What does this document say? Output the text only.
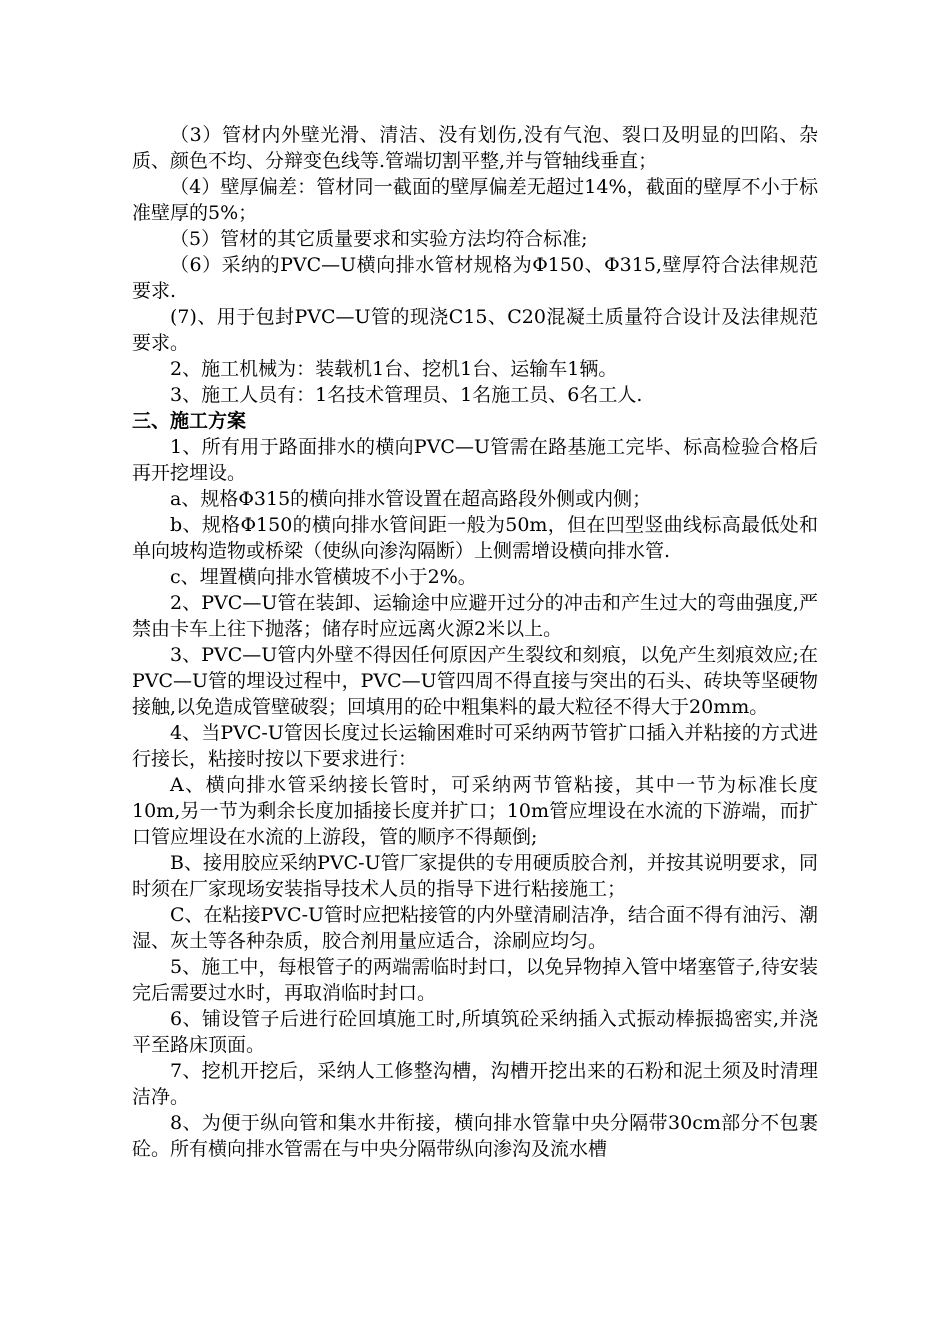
（3）管材内外壁光滑、清洁、没有划伤,没有气泡、裂口及明显的凹陷、杂质、颜色不均、分辩变色线等.管端切割平整,并与管轴线垂直；

（4）壁厚偏差：管材同一截面的壁厚偏差无超过14%，截面的壁厚不小于标准壁厚的5%；

（5）管材的其它质量要求和实验方法均符合标准;

（6）采纳的PVC—U横向排水管材规格为Φ150、Φ315,壁厚符合法律规范要求.

(7)、用于包封PVC—U管的现浇C15、C20混凝土质量符合设计及法律规范要求。

2、施工机械为：装载机1台、挖机1台、运输车1辆。

3、施工人员有：1名技术管理员、1名施工员、6名工人.

三、施工方案

1、所有用于路面排水的横向PVC—U管需在路基施工完毕、标高检验合格后再开挖埋设。

a、规格Φ315的横向排水管设置在超高路段外侧或内侧；

b、规格Φ150的横向排水管间距一般为50m，但在凹型竖曲线标高最低处和单向坡构造物或桥梁（使纵向渗沟隔断）上侧需增设横向排水管.

c、埋置横向排水管横坡不小于2%。

2、PVC—U管在装卸、运输途中应避开过分的冲击和产生过大的弯曲强度,严禁由卡车上往下抛落；储存时应远离火源2米以上。

3、PVC—U管内外壁不得因任何原因产生裂纹和刻痕，以免产生刻痕效应;在PVC—U管的埋设过程中，PVC—U管四周不得直接与突出的石头、砖块等坚硬物接触,以免造成管壁破裂；回填用的砼中粗集料的最大粒径不得大于20mm。

4、当PVC-U管因长度过长运输困难时可采纳两节管扩口插入并粘接的方式进行接长，粘接时按以下要求进行：

A、横向排水管采纳接长管时，可采纳两节管粘接，其中一节为标准长度10m,另一节为剩余长度加插接长度并扩口；10m管应埋设在水流的下游端，而扩口管应埋设在水流的上游段，管的顺序不得颠倒;

B、接用胶应采纳PVC-U管厂家提供的专用硬质胶合剂，并按其说明要求，同时须在厂家现场安装指导技术人员的指导下进行粘接施工；

C、在粘接PVC-U管时应把粘接管的内外壁清刷洁净，结合面不得有油污、潮湿、灰土等各种杂质，胶合剂用量应适合，涂刷应均匀。

5、施工中，每根管子的两端需临时封口，以免异物掉入管中堵塞管子,待安装完后需要过水时，再取消临时封口。

6、铺设管子后进行砼回填施工时,所填筑砼采纳插入式振动棒振捣密实,并浇平至路床顶面。

7、挖机开挖后，采纳人工修整沟槽，沟槽开挖出来的石粉和泥土须及时清理洁净。

8、为便于纵向管和集水井衔接，横向排水管靠中央分隔带30cm部分不包裹砼。所有横向排水管需在与中央分隔带纵向渗沟及流水槽
